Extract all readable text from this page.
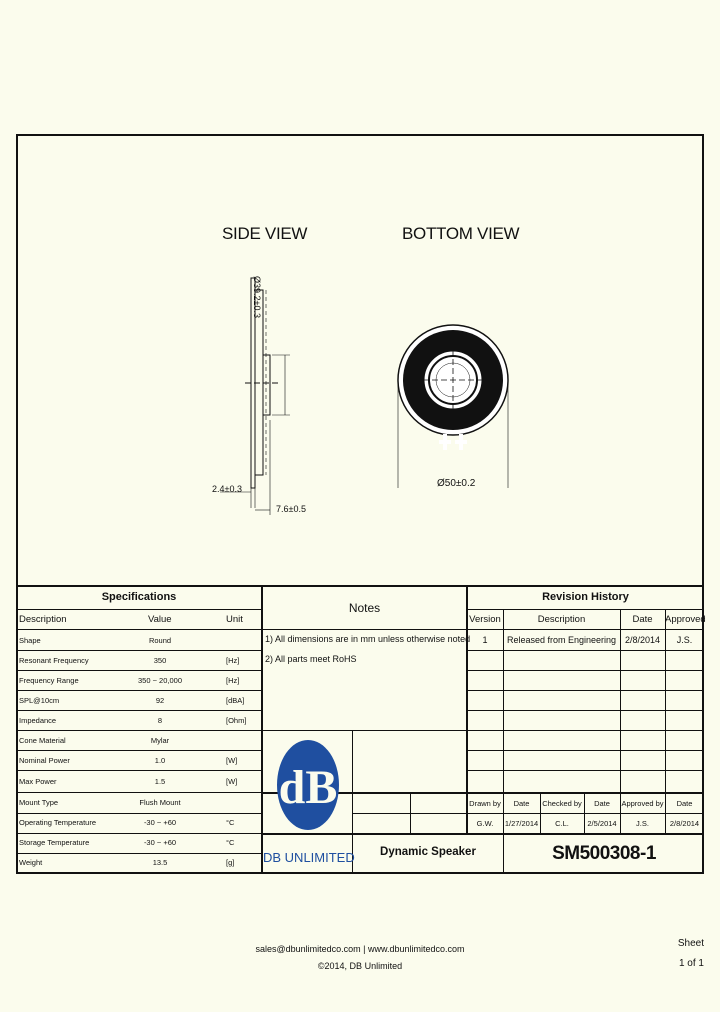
SIDE VIEW	BOTTOM VIEW
Ø39.2±0.3
2.4±0.3
7.6±0.5
Ø50±0.2
Specifications
Description	Value	Unit
Shape	Round
Resonant Frequency	350	[Hz]
Frequency Range	350 ~ 20,000	[Hz]
SPL@10cm	92	[dBA]
Impedance	8	[Ohm]
Cone Material	Mylar
Nominal Power	1.0	[W]
Max Power	1.5	[W]
Mount Type	Flush Mount
Operating Temperature	-30 ~ +60	°C
Storage Temperature	-30 ~ +60	°C
Weight	13.5	[g]
Notes
1) All dimensions are in mm unless otherwise noted
2) All parts meet RoHS
dB
DB UNLIMITED
Revision History
Version	Description	Date	Approved
1	Released from Engineering 2/8/2014	J.S.
Drawn by	Date	Checked by	Date	Approved by	Date
G.W.	1/27/2014	C.L.	2/5/2014	J.S.	2/8/2014
Dynamic Speaker	SM500308-1
sales@dbunlimitedco.com | www.dbunlimitedco.com
©2014, DB Unlimited
Sheet
1 of 1
